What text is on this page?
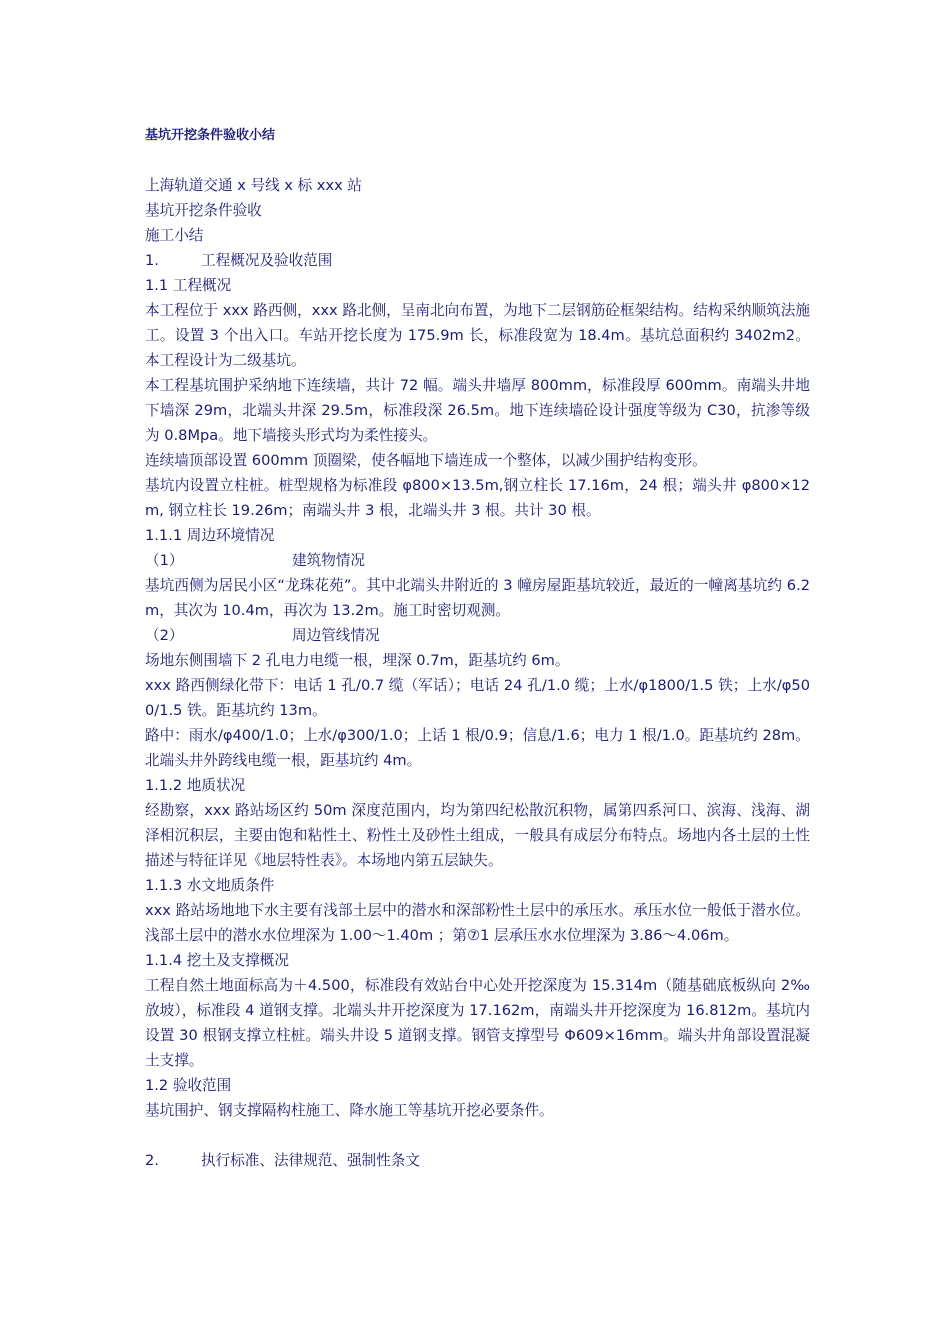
基坑开挖条件验收小结
上海轨道交通 x 号线 x 标 xxx 站
基坑开挖条件验收
施工小结
1.	工程概况及验收范围
1.1 工程概况

本工程位于 xxx 路西侧，xxx 路北侧，呈南北向布置，为地下二层钢筋砼框架结构。结构采纳顺筑法施工。设置 3 个出入口。车站开挖长度为 175.9m 长，标准段宽为 18.4m。基坑总面积约 3402m2。本工程设计为二级基坑。

本工程基坑围护采纳地下连续墙，共计 72 幅。端头井墙厚 800mm，标准段厚 600mm。南端头井地下墙深 29m，北端头井深 29.5m，标准段深 26.5m。地下连续墙砼设计强度等级为 C30，抗渗等级为 0.8Mpa。地下墙接头形式均为柔性接头。

连续墙顶部设置 600mm 顶圈梁，使各幅地下墙连成一个整体，以减少围护结构变形。

基坑内设置立柱桩。桩型规格为标准段 φ800×13.5m,钢立柱长 17.16m，24 根；端头井 φ800×12m, 钢立柱长 19.26m；南端头井 3 根，北端头井 3 根。共计 30 根。

1.1.1 周边环境情况
（1）	建筑物情况

基坑西侧为居民小区“龙珠花苑”。其中北端头井附近的 3 幢房屋距基坑较近，最近的一幢离基坑约 6.2m，其次为 10.4m，再次为 13.2m。施工时密切观测。

（2）	周边管线情况

场地东侧围墙下 2 孔电力电缆一根，埋深 0.7m，距基坑约 6m。

xxx 路西侧绿化带下：电话 1 孔/0.7 缆（军话）；电话 24 孔/1.0 缆；上水/φ1800/1.5 铁；上水/φ500/1.5 铁。距基坑约 13m。

路中：雨水/φ400/1.0；上水/φ300/1.0；上话 1 根/0.9；信息/1.6；电力 1 根/1.0。距基坑约 28m。

北端头井外跨线电缆一根，距基坑约 4m。

1.1.2 地质状况

经勘察，xxx 路站场区约 50m 深度范围内，均为第四纪松散沉积物，属第四系河口、滨海、浅海、湖泽相沉积层，主要由饱和粘性土、粉性土及砂性土组成，一般具有成层分布特点。场地内各土层的土性描述与特征详见《地层特性表》。本场地内第五层缺失。

1.1.3 水文地质条件

xxx 路站场地地下水主要有浅部土层中的潜水和深部粉性土层中的承压水。承压水位一般低于潜水位。浅部土层中的潜水水位埋深为 1.00～1.40m ；第⑦1 层承压水水位埋深为 3.86～4.06m。

1.1.4 挖土及支撑概况

工程自然土地面标高为＋4.500，标准段有效站台中心处开挖深度为 15.314m（随基础底板纵向 2‰放坡），标准段 4 道钢支撑。北端头井开挖深度为 17.162m，南端头井开挖深度为 16.812m。基坑内设置 30 根钢支撑立柱桩。端头井设 5 道钢支撑。钢管支撑型号 Φ609×16mm。端头井角部设置混凝土支撑。

1.2 验收范围

基坑围护、钢支撑隔构柱施工、降水施工等基坑开挖必要条件。

2.	执行标准、法律规范、强制性条文
